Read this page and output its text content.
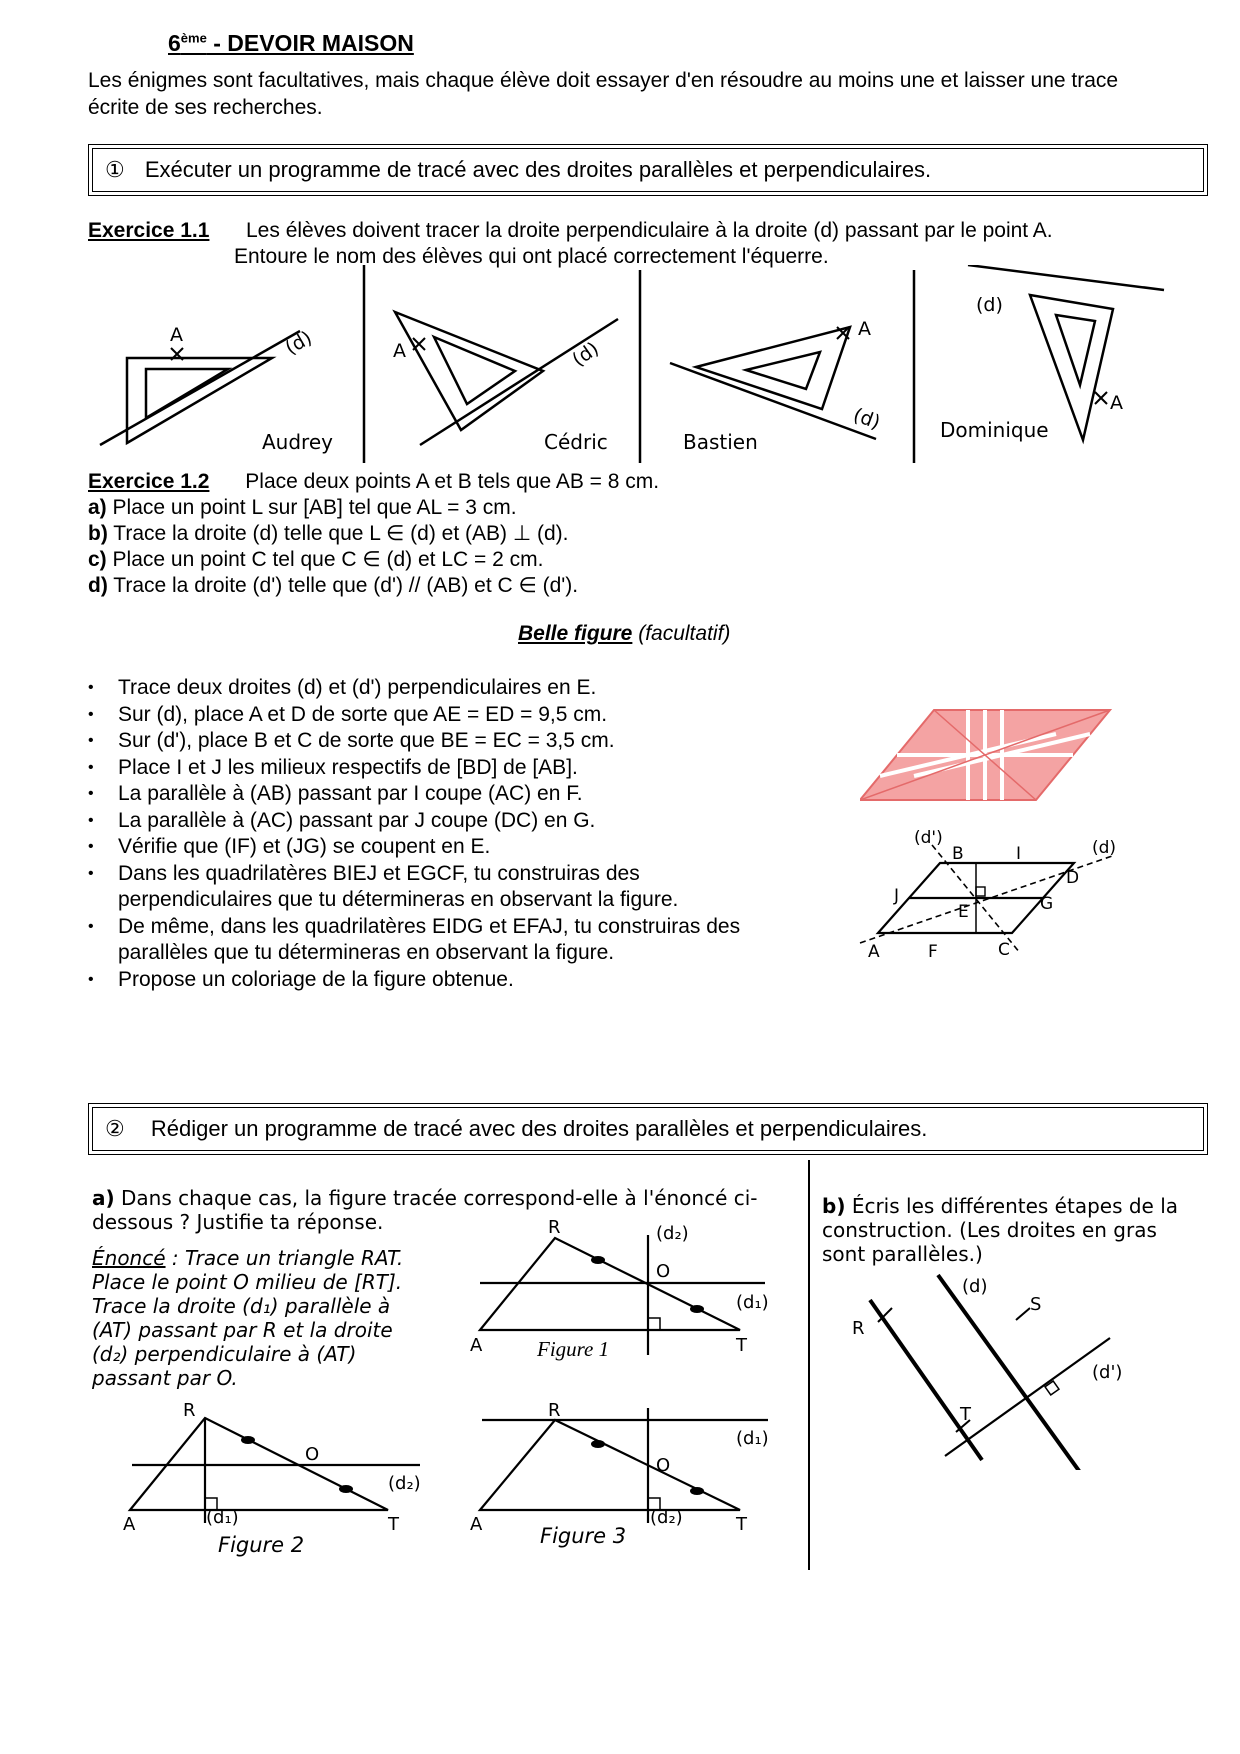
6ème - DEVOIR MAISON
Les énigmes sont facultatives, mais chaque élève doit essayer d'en résoudre au moins une et laisser une trace écrite de ses recherches.
① Exécuter un programme de tracé avec des droites parallèles et perpendiculaires.
Exercice 1.1 Les élèves doivent tracer la droite perpendiculaire à la droite (d) passant par le point A.
Entoure le nom des élèves qui ont placé correctement l'équerre.
A	(d)	A	(d)
A
(d)
(d)
A
Audrey	Cédric	Bastien	Dominique
Exercice 1.2 Place deux points A et B tels que AB = 8 cm.
a) Place un point L sur [AB] tel que AL = 3 cm.
b) Trace la droite (d) telle que L ∈ (d) et (AB) ⊥ (d).
c) Place un point C tel que C ∈ (d) et LC = 2 cm.
d) Trace la droite (d') telle que (d') // (AB) et C ∈ (d').
Belle figure (facultatif)
• Trace deux droites (d) et (d') perpendiculaires en E.
• Sur (d), place A et D de sorte que AE = ED = 9,5 cm.
• Sur (d'), place B et C de sorte que BE = EC = 3,5 cm.
• Place I et J les milieux respectifs de [BD] de [AB].
• La parallèle à (AB) passant par I coupe (AC) en F.
• La parallèle à (AC) passant par J coupe (DC) en G.
• Vérifie que (IF) et (JG) se coupent en E.
• Dans les quadrilatères BIEJ et EGCF, tu construiras des perpendiculaires que tu détermineras en observant la figure.
• De même, dans les quadrilatères EIDG et EFAJ, tu construiras des parallèles que tu détermineras en observant la figure.
• Propose un coloriage de la figure obtenue.
(d')
B	I	(d)
D
J	G
E
A	F	C
② Rédiger un programme de tracé avec des droites parallèles et perpendiculaires.
a) Dans chaque cas, la figure tracée correspond-elle à l'énoncé ci-dessous ? Justifie ta réponse.
Énoncé : Trace un triangle RAT. Place le point O milieu de [RT]. Trace la droite (d₁) parallèle à (AT) passant par R et la droite (d₂) perpendiculaire à (AT) passant par O.
R	(d₂)
O
(d₁)
A	T
Figure 1
R
O
(d₂)
A	(d₁)	T
Figure 2
R
(d₁)
O
A	(d₂)	T
Figure 3
b) Écris les différentes étapes de la construction. (Les droites en gras sont parallèles.)
(d)
S
R
T
(d')
